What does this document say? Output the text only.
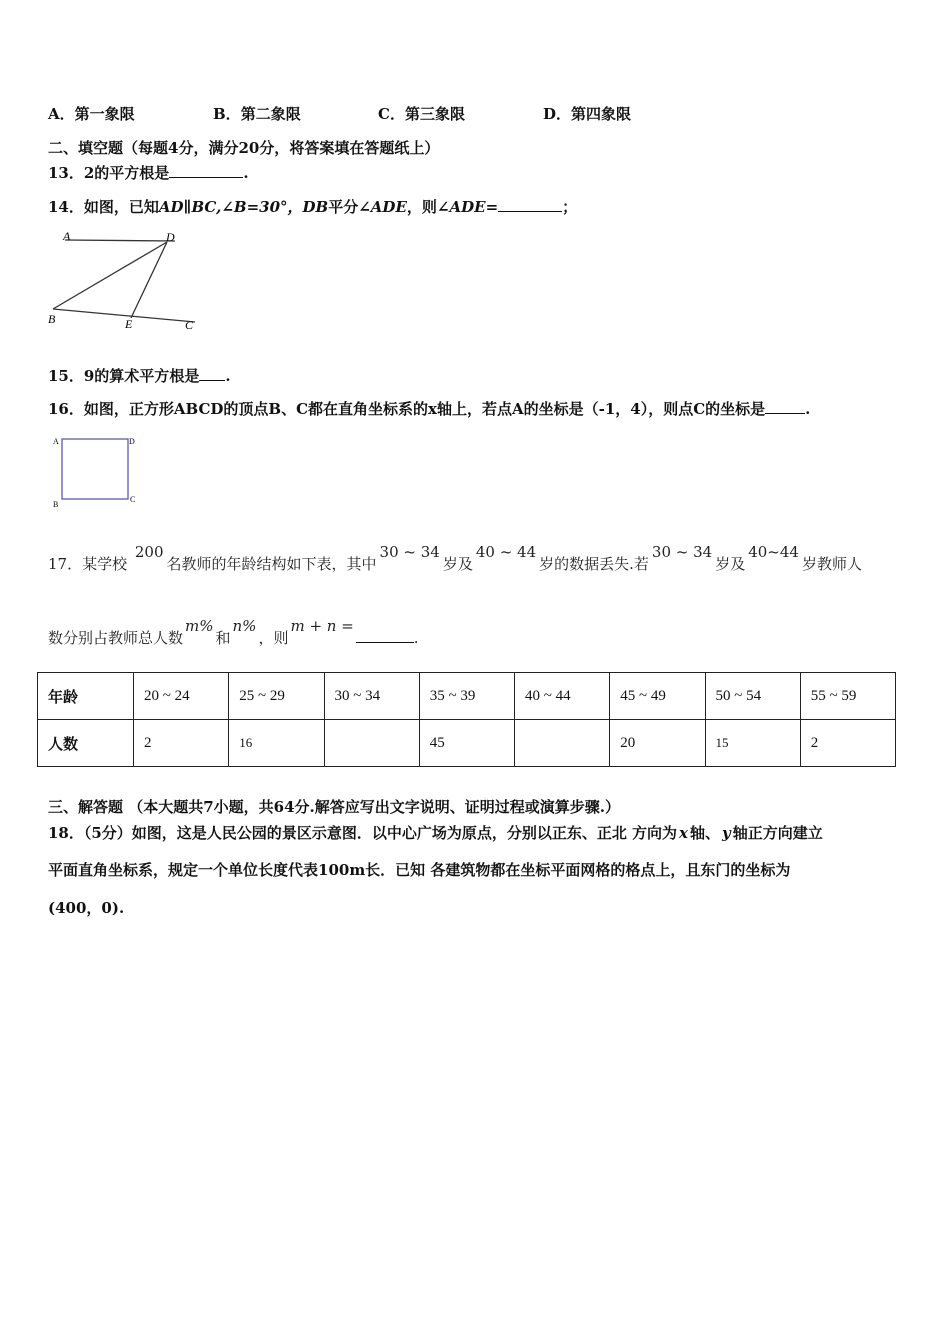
A．第一象限	B．第二象限	C．第三象限	D．第四象限
二、填空题（每题4分，满分20分，将答案填在答题纸上）
13．2的平方根是	.
14．如图，已知AD∥BC,∠B=30°，DB平分∠ADE，则∠ADE=	；
A	D
B	E	C
15．9的算术平方根是 .
16．如图，正方形ABCD的顶点B、C都在直角坐标系的x轴上，若点A的坐标是（-1，4），则点C的坐标是	.
A	D
B
C
17．某学校 200名教师的年龄结构如下表，其中30 ~ 34岁及40 ~ 44岁的数据丢失.若30 ~ 34岁及40~44岁教师人
数分别占教师总人数m%和n%，则m + n =.
年龄	20 ~ 24	25 ~ 29	30 ~ 34	35 ~ 39	40 ~ 44	45 ~ 49	50 ~ 54	55 ~ 59
人数	2	16		45		20	15	2
三、解答题 （本大题共7小题，共64分.解答应写出文字说明、证明过程或演算步骤.）
18．（5分）如图，这是人民公园的景区示意图．以中心广场为原点，分别以正东、正北 方向为 x 轴、 y 轴正方向建立
平面直角坐标系，规定一个单位长度代表100m长．已知 各建筑物都在坐标平面网格的格点上，且东门的坐标为
(400，0).
